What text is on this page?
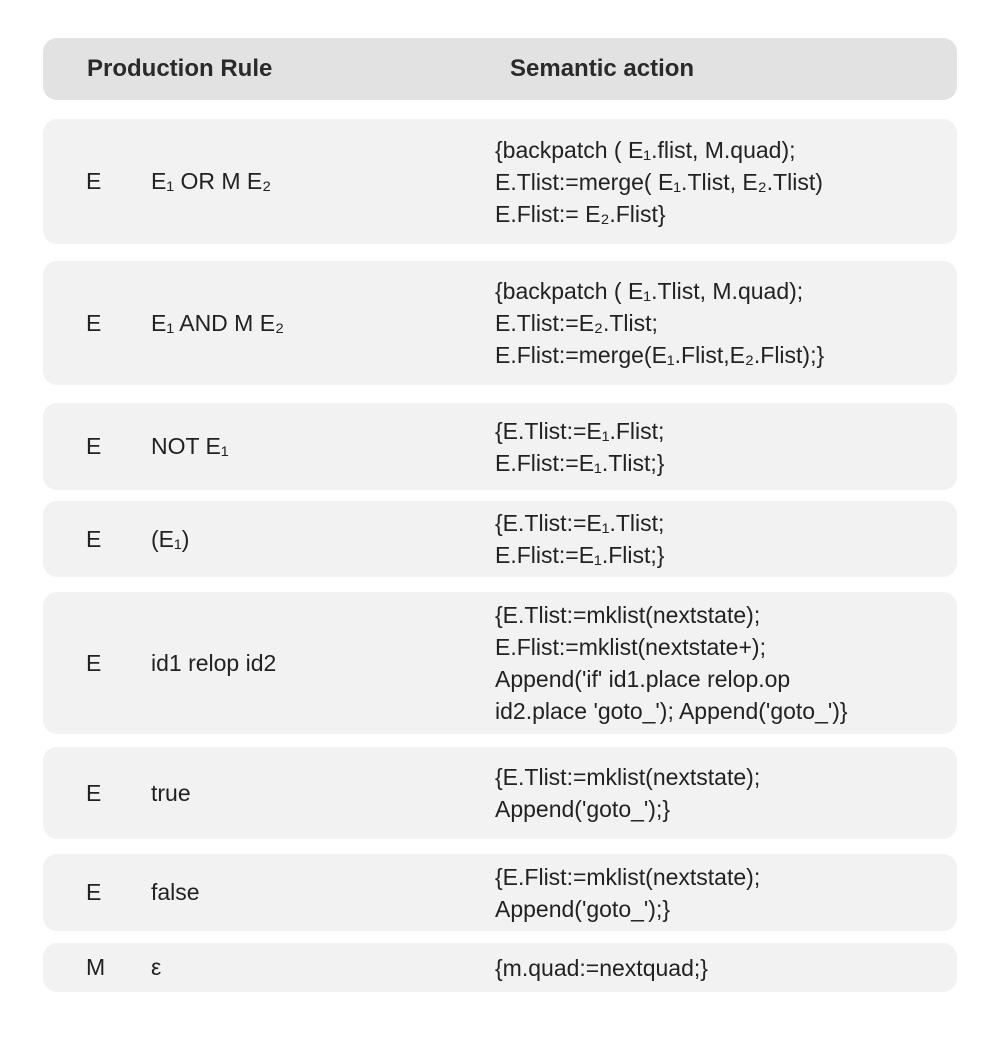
Production Rule	Semantic action
E E₁ OR M E₂
{backpatch ( E₁.flist, M.quad);
E.Tlist:=merge( E₁.Tlist, E₂.Tlist)
E.Flist:= E₂.Flist}
E E₁ AND M E₂
{backpatch ( E₁.Tlist, M.quad);
E.Tlist:=E₂.Tlist;
E.Flist:=merge(E₁.Flist,E₂.Flist);}
E NOT E₁
{E.Tlist:=E₁.Flist;
E.Flist:=E₁.Tlist;}
E (E₁)
{E.Tlist:=E₁.Tlist;
E.Flist:=E₁.Flist;}
E id1 relop id2
{E.Tlist:=mklist(nextstate);
E.Flist:=mklist(nextstate+);
Append('if' id1.place relop.op
id2.place 'goto_'); Append('goto_')}
E true
{E.Tlist:=mklist(nextstate);
Append('goto_');}
E false
{E.Flist:=mklist(nextstate);
Append('goto_');}
M ε	{m.quad:=nextquad;}
